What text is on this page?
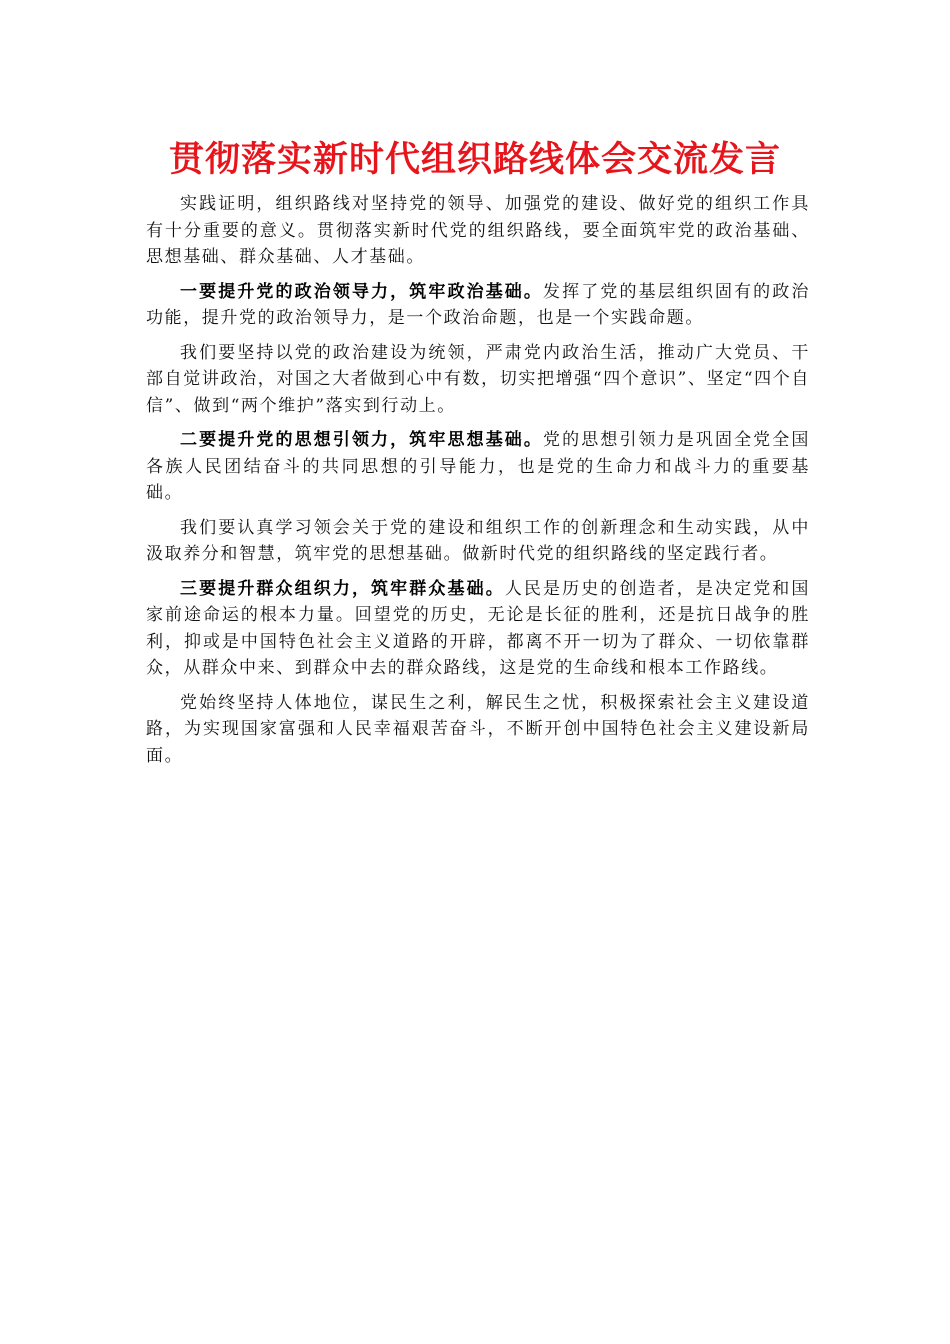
贯彻落实新时代组织路线体会交流发言

实践证明，组织路线对坚持党的领导、加强党的建设、做好党的组织工作具有十分重要的意义。贯彻落实新时代党的组织路线，要全面筑牢党的政治基础、思想基础、群众基础、人才基础。

一要提升党的政治领导力，筑牢政治基础。发挥了党的基层组织固有的政治功能，提升党的政治领导力，是一个政治命题，也是一个实践命题。

我们要坚持以党的政治建设为统领，严肃党内政治生活，推动广大党员、干部自觉讲政治，对国之大者做到心中有数，切实把增强“四个意识”、坚定“四个自信”、做到“两个维护”落实到行动上。

二要提升党的思想引领力，筑牢思想基础。党的思想引领力是巩固全党全国各族人民团结奋斗的共同思想的引导能力，也是党的生命力和战斗力的重要基础。

我们要认真学习领会关于党的建设和组织工作的创新理念和生动实践，从中汲取养分和智慧，筑牢党的思想基础。做新时代党的组织路线的坚定践行者。

三要提升群众组织力，筑牢群众基础。人民是历史的创造者，是决定党和国家前途命运的根本力量。回望党的历史，无论是长征的胜利，还是抗日战争的胜利，抑或是中国特色社会主义道路的开辟，都离不开一切为了群众、一切依靠群众，从群众中来、到群众中去的群众路线，这是党的生命线和根本工作路线。

党始终坚持人体地位，谋民生之利，解民生之忧，积极探索社会主义建设道路，为实现国家富强和人民幸福艰苦奋斗，不断开创中国特色社会主义建设新局面。
